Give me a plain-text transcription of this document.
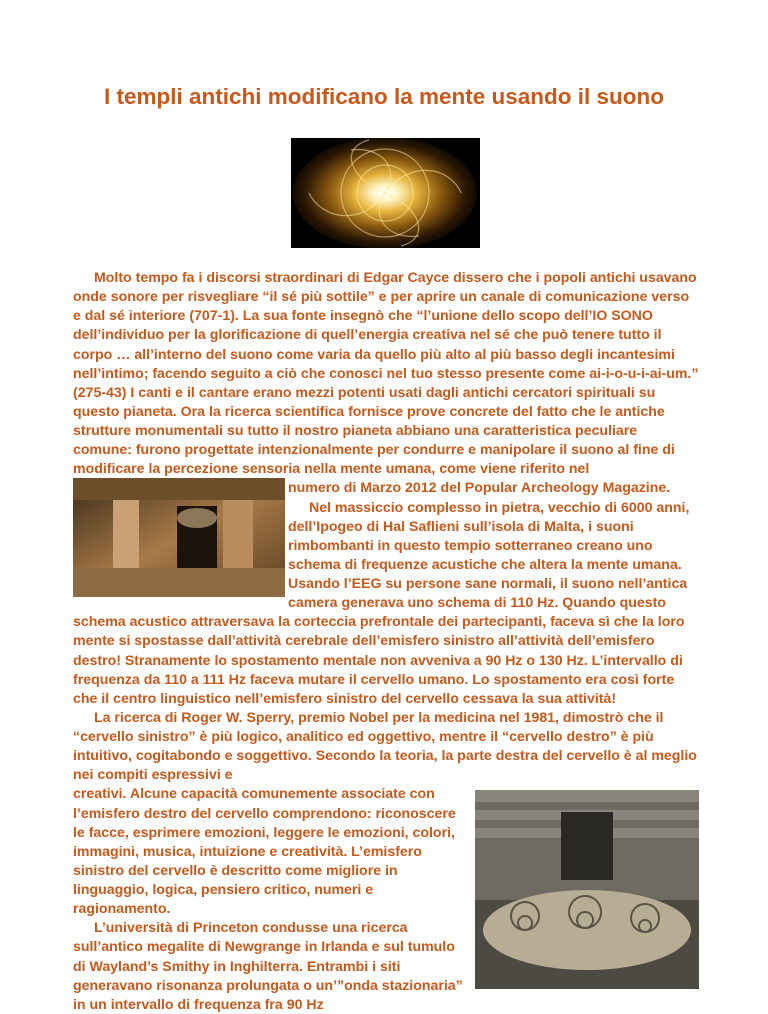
I templi antichi modificano la mente usando il suono

Molto tempo fa i discorsi straordinari di Edgar Cayce dissero che i popoli antichi usavano onde sonore per risvegliare “il sé più sottile” e per aprire un canale di comunicazione verso e dal sé interiore (707-1). La sua fonte insegnò che “l’unione dello scopo dell’IO SONO dell’individuo per la glorificazione di quell’energia creativa nel sé che può tenere tutto il corpo … all’interno del suono come varia da quello più alto al più basso degli incantesimi nell’intimo; facendo seguito a ciò che conosci nel tuo stesso presente come ai-i-o-u-i-ai-um.” (275-43) I canti e il cantare erano mezzi potenti usati dagli antichi cercatori spirituali su questo pianeta. Ora la ricerca scientifica fornisce prove concrete del fatto che le antiche strutture monumentali su tutto il nostro pianeta abbiano una caratteristica peculiare comune: furono progettate intenzionalmente per condurre e manipolare il suono al fine di modificare la percezione sensoria nella mente umana, come viene riferito nel

numero di Marzo 2012 del Popular Archeology Magazine.

Nel massiccio complesso in pietra, vecchio di 6000 anni, dell’Ipogeo di Hal Saflieni sull’isola di Malta, i suoni rimbombanti in questo tempio sotterraneo creano uno schema di frequenze acustiche che altera la mente umana. Usando l’EEG su persone sane normali, il suono nell’antica camera generava uno schema di 110 Hz. Quando questo schema acustico attraversava la corteccia prefrontale dei partecipanti, faceva sì che la loro mente si spostasse dall’attività cerebrale dell’emisfero sinistro all’attività dell’emisfero destro! Stranamente lo spostamento mentale non avveniva a 90 Hz o 130 Hz. L’intervallo di frequenza da 110 a 111 Hz faceva mutare il cervello umano. Lo spostamento era così forte che il centro linguistico nell’emisfero sinistro del cervello cessava la sua attività!

La ricerca di Roger W. Sperry, premio Nobel per la medicina nel 1981, dimostrò che il “cervello sinistro” è più logico, analitico ed oggettivo, mentre il “cervello destro” è più intuitivo, cogitabondo e soggettivo. Secondo la teoria, la parte destra del cervello è al meglio nei compiti espressivi e

creativi. Alcune capacità comunemente associate con l’emisfero destro del cervello comprendono: riconoscere le facce, esprimere emozioni, leggere le emozioni, colori, immagini, musica, intuizione e creatività. L’emisfero sinistro del cervello è descritto come migliore in linguaggio, logica, pensiero critico, numeri e ragionamento.

L’università di Princeton condusse una ricerca sull’antico megalite di Newgrange in Irlanda e sul tumulo di Wayland’s Smithy in Inghilterra. Entrambi i siti generavano risonanza prolungata o un’”onda stazionaria” in un intervallo di frequenza fra 90 Hz
